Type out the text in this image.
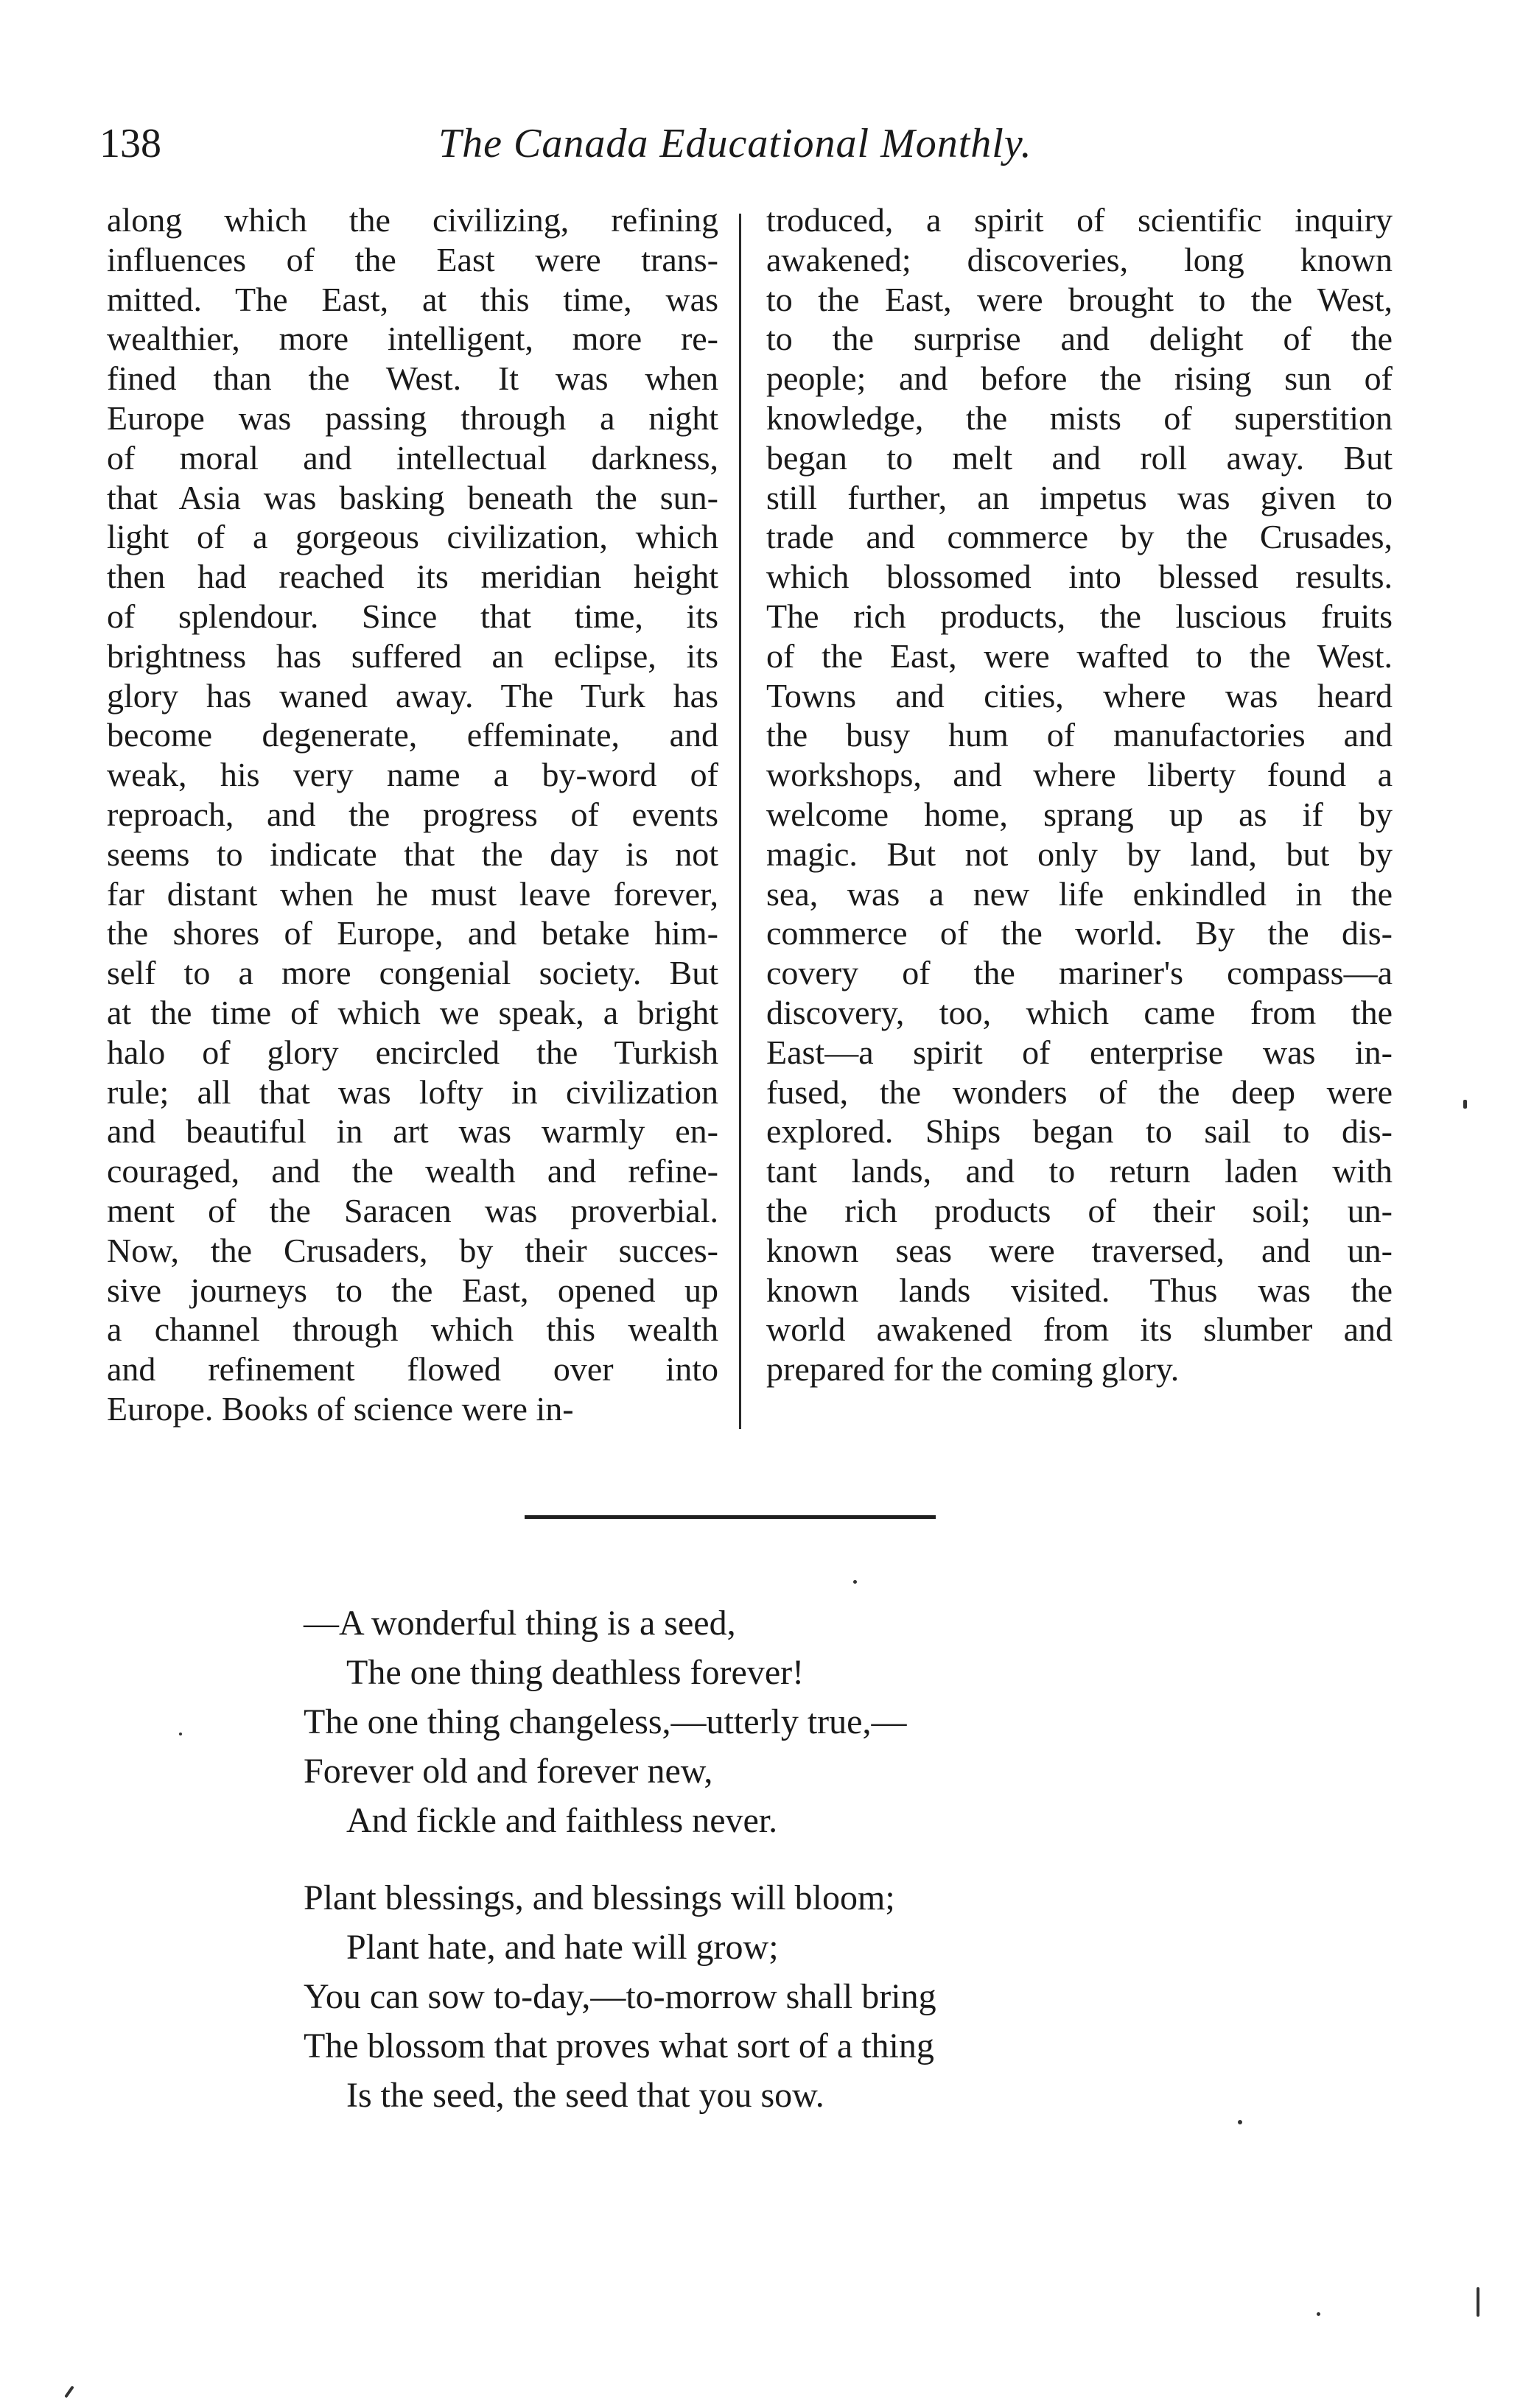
138	The Canada Educational Monthly.
along which the civilizing, refining
influences of the East were trans-
mitted. The East, at this time, was
wealthier, more intelligent, more re-
fined than the West. It was when
Europe was passing through a night
of moral and intellectual darkness,
that Asia was basking beneath the sun-
light of a gorgeous civilization, which
then had reached its meridian height
of splendour. Since that time, its
brightness has suffered an eclipse, its
glory has waned away. The Turk has
become degenerate, effeminate, and
weak, his very name a by-word of
reproach, and the progress of events
seems to indicate that the day is not
far distant when he must leave forever,
the shores of Europe, and betake him-
self to a more congenial society. But
at the time of which we speak, a bright
halo of glory encircled the Turkish
rule; all that was lofty in civilization
and beautiful in art was warmly en-
couraged, and the wealth and refine-
ment of the Saracen was proverbial.
Now, the Crusaders, by their succes-
sive journeys to the East, opened up
a channel through which this wealth
and refinement flowed over into
Europe. Books of science were in-
troduced, a spirit of scientific inquiry
awakened; discoveries, long known
to the East, were brought to the West,
to the surprise and delight of the
people; and before the rising sun of
knowledge, the mists of superstition
began to melt and roll away. But
still further, an impetus was given to
trade and commerce by the Crusades,
which blossomed into blessed results.
The rich products, the luscious fruits
of the East, were wafted to the West.
Towns and cities, where was heard
the busy hum of manufactories and
workshops, and where liberty found a
welcome home, sprang up as if by
magic. But not only by land, but by
sea, was a new life enkindled in the
commerce of the world. By the dis-
covery of the mariner's compass—a
discovery, too, which came from the
East—a spirit of enterprise was in-
fused, the wonders of the deep were
explored. Ships began to sail to dis-
tant lands, and to return laden with
the rich products of their soil; un-
known seas were traversed, and un-
known lands visited. Thus was the
world awakened from its slumber and
prepared for the coming glory.
—A wonderful thing is a seed,
The one thing deathless forever!
The one thing changeless,—utterly true,—
Forever old and forever new,
And fickle and faithless never.
Plant blessings, and blessings will bloom;
Plant hate, and hate will grow;
You can sow to-day,—to-morrow shall bring
The blossom that proves what sort of a thing
Is the seed, the seed that you sow.
